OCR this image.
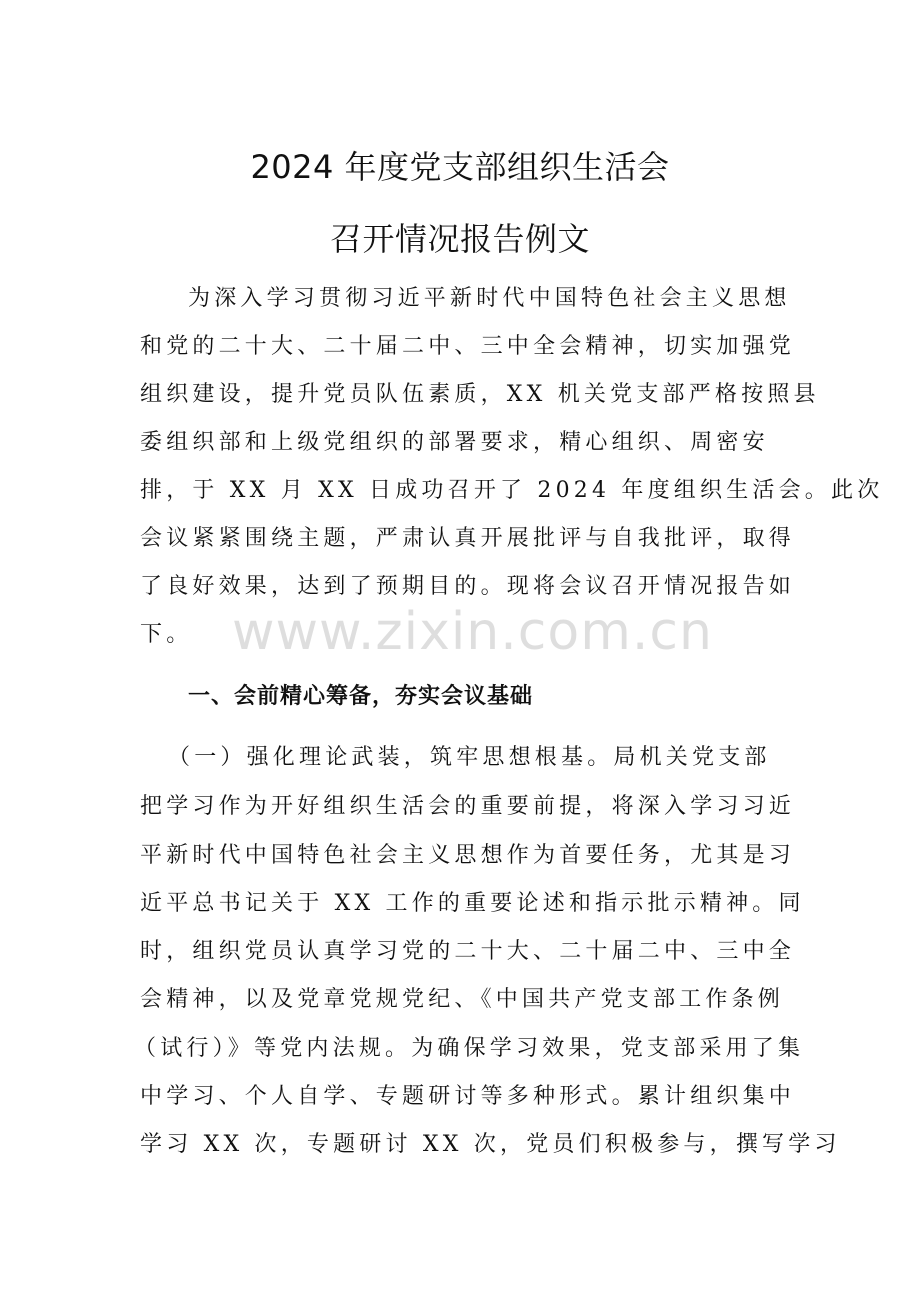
2024 年度党支部组织生活会
召开情况报告例文
为深入学习贯彻习近平新时代中国特色社会主义思想
和党的二十大、二十届二中、三中全会精神，切实加强党
组织建设，提升党员队伍素质，XX 机关党支部严格按照县
委组织部和上级党组织的部署要求，精心组织、周密安
排，于 XX 月 XX 日成功召开了 2024 年度组织生活会。此次
会议紧紧围绕主题，严肃认真开展批评与自我批评，取得
了良好效果，达到了预期目的。现将会议召开情况报告如
下。
一、会前精心筹备，夯实会议基础
（一）强化理论武装，筑牢思想根基。局机关党支部
把学习作为开好组织生活会的重要前提，将深入学习习近
平新时代中国特色社会主义思想作为首要任务，尤其是习
近平总书记关于 XX 工作的重要论述和指示批示精神。同
时，组织党员认真学习党的二十大、二十届二中、三中全
会精神，以及党章党规党纪、《中国共产党支部工作条例
（试行）》等党内法规。为确保学习效果，党支部采用了集
中学习、个人自学、专题研讨等多种形式。累计组织集中
学习 XX 次，专题研讨 XX 次，党员们积极参与，撰写学习
www.zixin.com.cn
